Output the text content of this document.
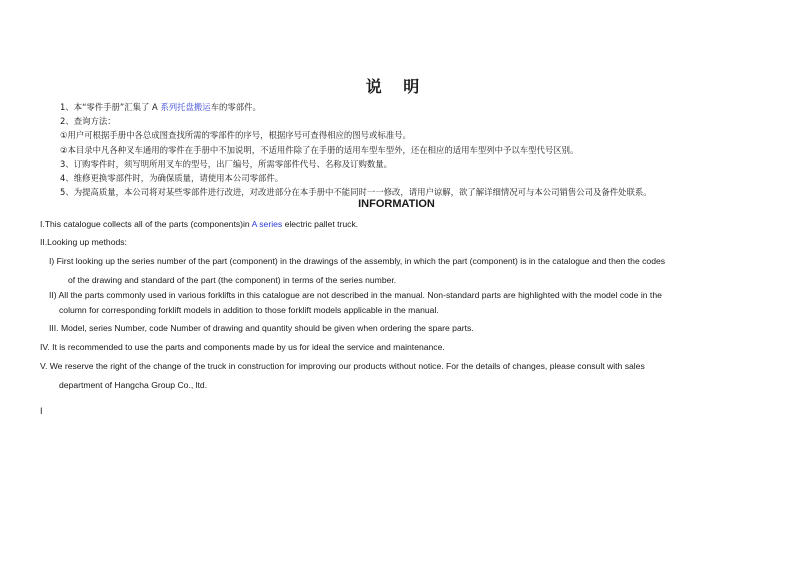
说 明
1、本“零件手册”汇集了 A 系列托盘搬运车的零部件。
2、查询方法：
①用户可根据手册中各总成图查找所需的零部件的序号，根据序号可查得相应的图号或标准号。
②本目录中凡各种叉车通用的零件在手册中不加说明，不适用件除了在手册的适用车型车型外，还在相应的适用车型列中予以车型代号区别。
3、订购零件时，须写明所用叉车的型号，出厂编号，所需零部件代号、名称及订购数量。
4、维修更换零部件时，为确保质量，请使用本公司零部件。
5、为提高质量，本公司将对某些零部件进行改进，对改进部分在本手册中不能同时一一修改，请用户谅解，欲了解详细情况可与本公司销售公司及备件处联系。
INFORMATION
I.This catalogue collects all of the parts (components)in A series electric pallet truck.
II.Looking up methods:
I) First looking up the series number of the part (component) in the drawings of the assembly, in which the part (component) is in the catalogue and then the codes
of the drawing and standard of the part (the component) in terms of the series number.
II) All the parts commonly used in various forklifts in this catalogue are not described in the manual. Non-standard parts are highlighted with the model code in the
column for corresponding forklift models in addition to those forklift models applicable in the manual.
III. Model, series Number, code Number of drawing and quantity should be given when ordering the spare parts.
IV. It is recommended to use the parts and components made by us for ideal the service and maintenance.
V. We reserve the right of the change of the truck in construction for improving our products without notice. For the details of changes, please consult with sales
department of Hangcha Group Co., ltd.
I
